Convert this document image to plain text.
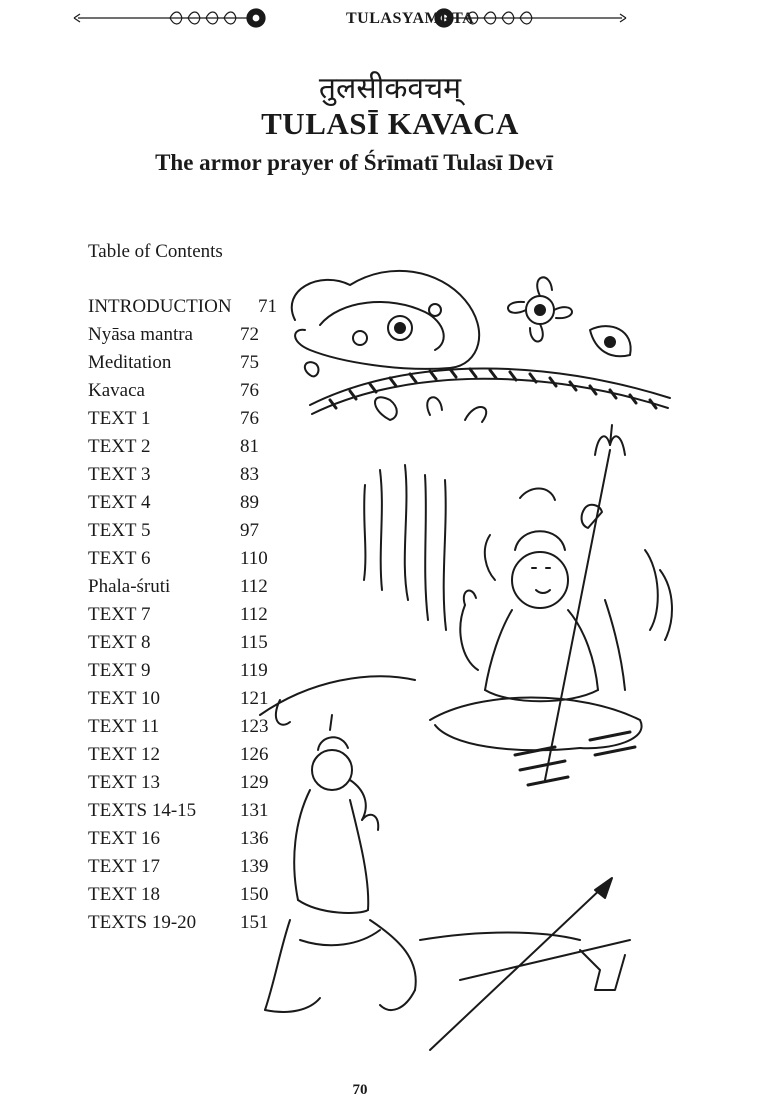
TULASYAMṚTA
तुलसीकवचम्
TULASĪ KAVACA
The armor prayer of Śrīmatī Tulasī Devī
Table of Contents
INTRODUCTION 71
Nyāsa mantra 72
Meditation	75
Kavaca	76
TEXT 1	76
TEXT 2	81
TEXT 3	83
TEXT 4	89
TEXT 5	97
TEXT 6	110
Phala-śruti	112
TEXT 7	112
TEXT 8	115
TEXT 9	119
TEXT 10	121
TEXT 11	123
TEXT 12	126
TEXT 13	129
TEXTS 14-15 131
TEXT 16	136
TEXT 17	139
TEXT 18	150
TEXTS 19-20 151
70
